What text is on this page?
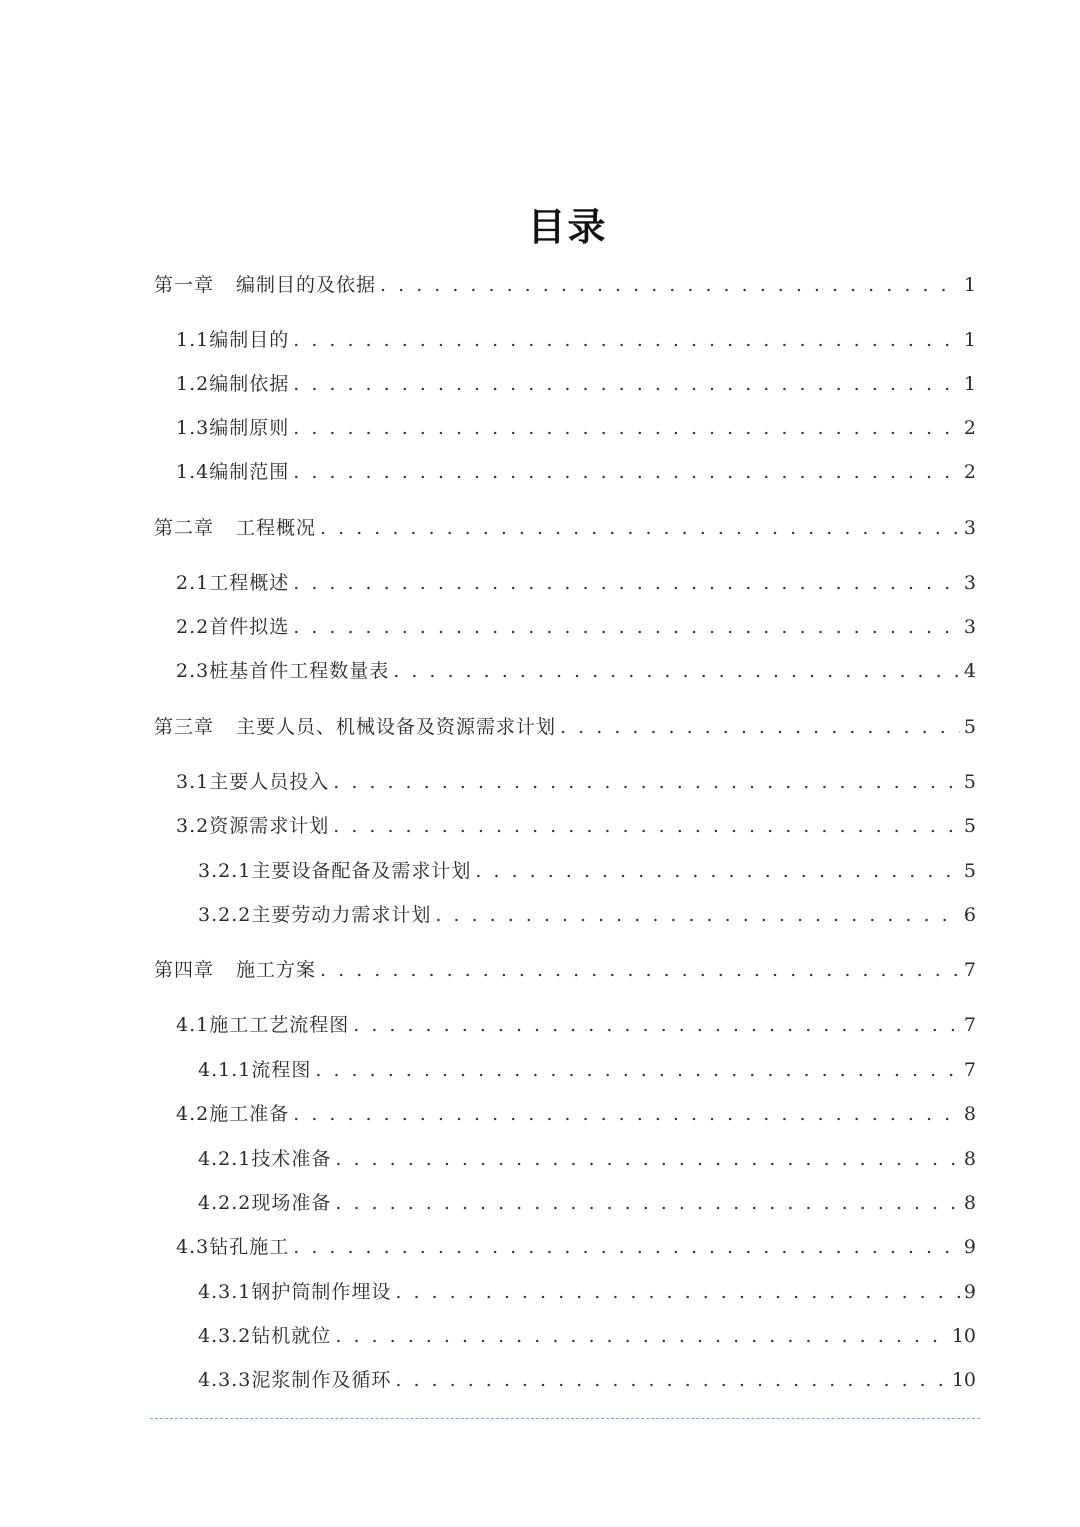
目录
第一章 编制目的及依据 . . .	1
1.1 编制目的 . . .	1
1.2 编制依据 . . .	1
1.3 编制原则 . . .	2
1.4 编制范围 . . .	2
第二章 工程概况 . . .	3
2.1 工程概述 . . .	3
2.2 首件拟选 . . .	3
2.3 桩基首件工程数量表 . . .	4
第三章 主要人员、机械设备及资源需求计划 . . .	5
3.1 主要人员投入 . . .	5
3.2 资源需求计划 . . .	5
3.2.1 主要设备配备及需求计划 . . .	5
3.2.2 主要劳动力需求计划 . . .	6
第四章 施工方案 . . .	7
4.1 施工工艺流程图 . . .	7
4.1.1 流程图 . . .	7
4.2 施工准备 . . .	8
4.2.1 技术准备 . . .	8
4.2.2 现场准备 . . .	8
4.3 钻孔施工 . . .	9
4.3.1 钢护筒制作埋设 . . .	9
4.3.2 钻机就位 . . .	10
4.3.3 泥浆制作及循环 . . .	10
